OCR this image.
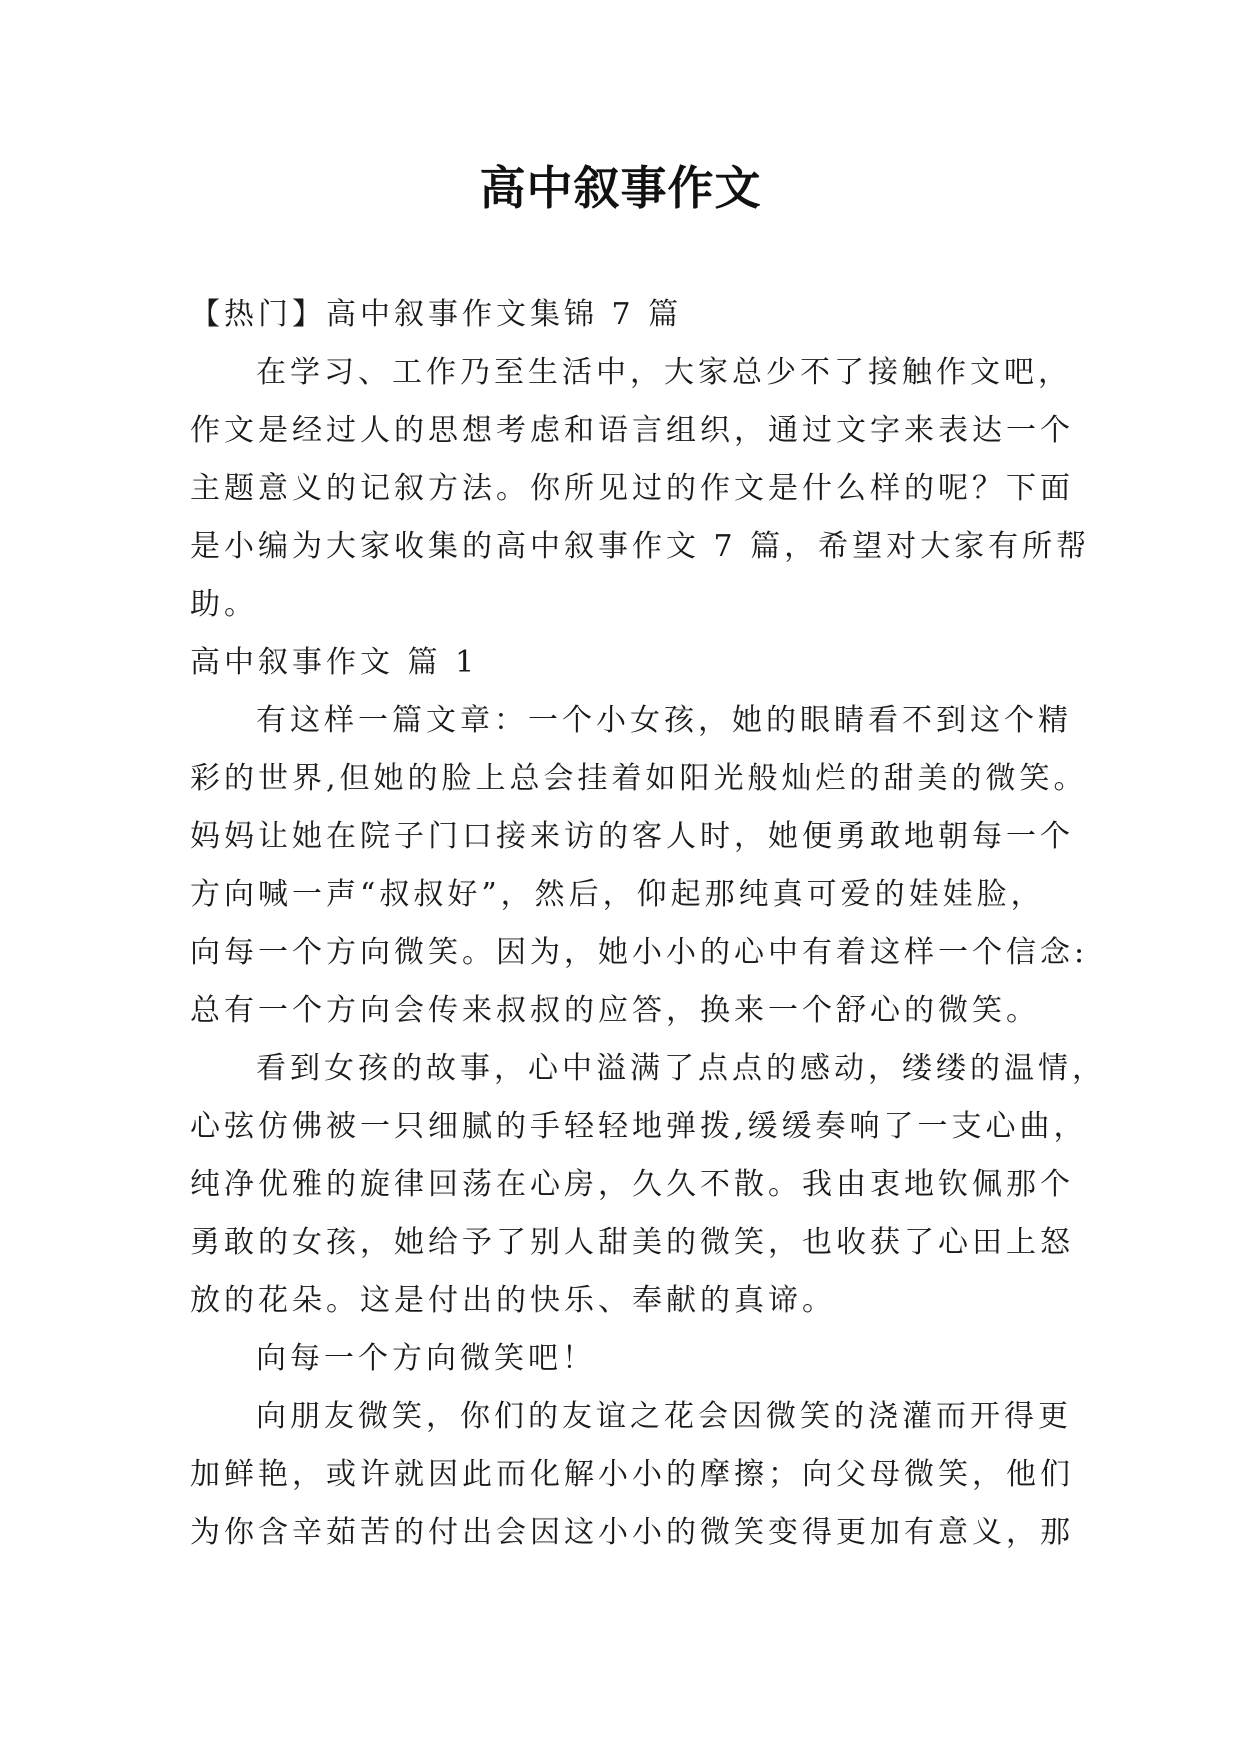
高中叙事作文
【热门】高中叙事作文集锦 7 篇
在学习、工作乃至生活中，大家总少不了接触作文吧，
作文是经过人的思想考虑和语言组织，通过文字来表达一个
主题意义的记叙方法。你所见过的作文是什么样的呢？下面
是小编为大家收集的高中叙事作文 7 篇，希望对大家有所帮
助。
高中叙事作文 篇 1
有这样一篇文章：一个小女孩，她的眼睛看不到这个精
彩的世界,但她的脸上总会挂着如阳光般灿烂的甜美的微笑。
妈妈让她在院子门口接来访的客人时，她便勇敢地朝每一个
方向喊一声“叔叔好”，然后，仰起那纯真可爱的娃娃脸，
向每一个方向微笑。因为，她小小的心中有着这样一个信念:
总有一个方向会传来叔叔的应答，换来一个舒心的微笑。
看到女孩的故事，心中溢满了点点的感动，缕缕的温情，
心弦仿佛被一只细腻的手轻轻地弹拨,缓缓奏响了一支心曲，
纯净优雅的旋律回荡在心房，久久不散。我由衷地钦佩那个
勇敢的女孩，她给予了别人甜美的微笑，也收获了心田上怒
放的花朵。这是付出的快乐、奉献的真谛。
向每一个方向微笑吧！
向朋友微笑，你们的友谊之花会因微笑的浇灌而开得更
加鲜艳，或许就因此而化解小小的摩擦；向父母微笑，他们
为你含辛茹苦的付出会因这小小的微笑变得更加有意义，那
